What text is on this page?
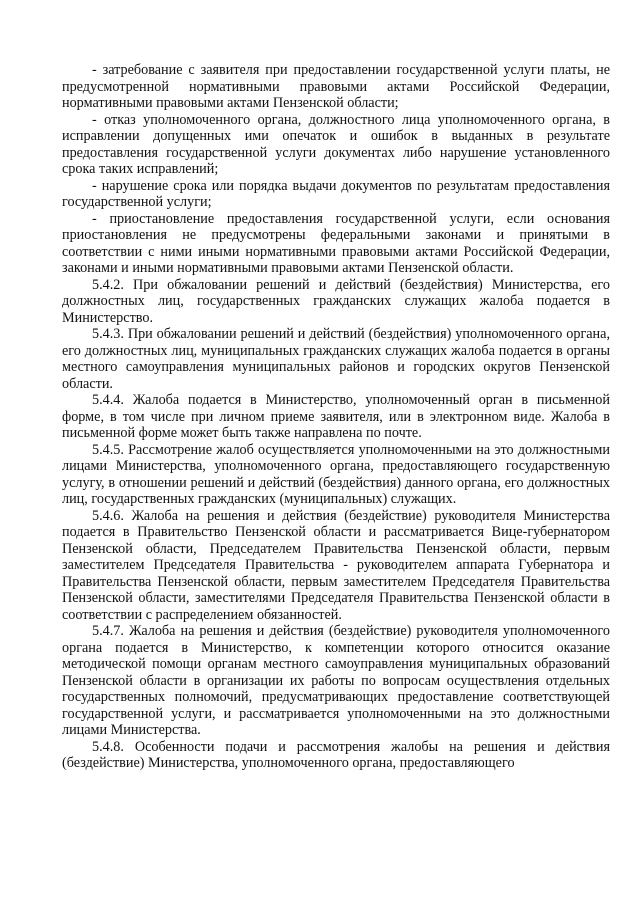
- затребование с заявителя при предоставлении государственной услуги платы, не предусмотренной нормативными правовыми актами Российской Федерации, нормативными правовыми актами Пензенской области;

- отказ уполномоченного органа, должностного лица уполномоченного органа, в исправлении допущенных ими опечаток и ошибок в выданных в результате предоставления государственной услуги документах либо нарушение установленного срока таких исправлений;

- нарушение срока или порядка выдачи документов по результатам предоставления государственной услуги;

- приостановление предоставления государственной услуги, если основания приостановления не предусмотрены федеральными законами и принятыми в соответствии с ними иными нормативными правовыми актами Российской Федерации, законами и иными нормативными правовыми актами Пензенской области.

5.4.2. При обжаловании решений и действий (бездействия) Министерства, его должностных лиц, государственных гражданских служащих жалоба подается в Министерство.

5.4.3. При обжаловании решений и действий (бездействия) уполномоченного органа, его должностных лиц, муниципальных гражданских служащих жалоба подается в органы местного самоуправления муниципальных районов и городских округов Пензенской области.

5.4.4. Жалоба подается в Министерство, уполномоченный орган в письменной форме, в том числе при личном приеме заявителя, или в электронном виде. Жалоба в письменной форме может быть также направлена по почте.

5.4.5. Рассмотрение жалоб осуществляется уполномоченными на это должностными лицами Министерства, уполномоченного органа, предоставляющего государственную услугу, в отношении решений и действий (бездействия) данного органа, его должностных лиц, государственных гражданских (муниципальных) служащих.

5.4.6. Жалоба на решения и действия (бездействие) руководителя Министерства подается в Правительство Пензенской области и рассматривается Вице-губернатором Пензенской области, Председателем Правительства Пензенской области, первым заместителем Председателя Правительства - руководителем аппарата Губернатора и Правительства Пензенской области, первым заместителем Председателя Правительства Пензенской области, заместителями Председателя Правительства Пензенской области в соответствии с распределением обязанностей.

5.4.7. Жалоба на решения и действия (бездействие) руководителя уполномоченного органа подается в Министерство, к компетенции которого относится оказание методической помощи органам местного самоуправления муниципальных образований Пензенской области в организации их работы по вопросам осуществления отдельных государственных полномочий, предусматривающих предоставление соответствующей государственной услуги, и рассматривается уполномоченными на это должностными лицами Министерства.

5.4.8. Особенности подачи и рассмотрения жалобы на решения и действия (бездействие) Министерства, уполномоченного органа, предоставляющего
